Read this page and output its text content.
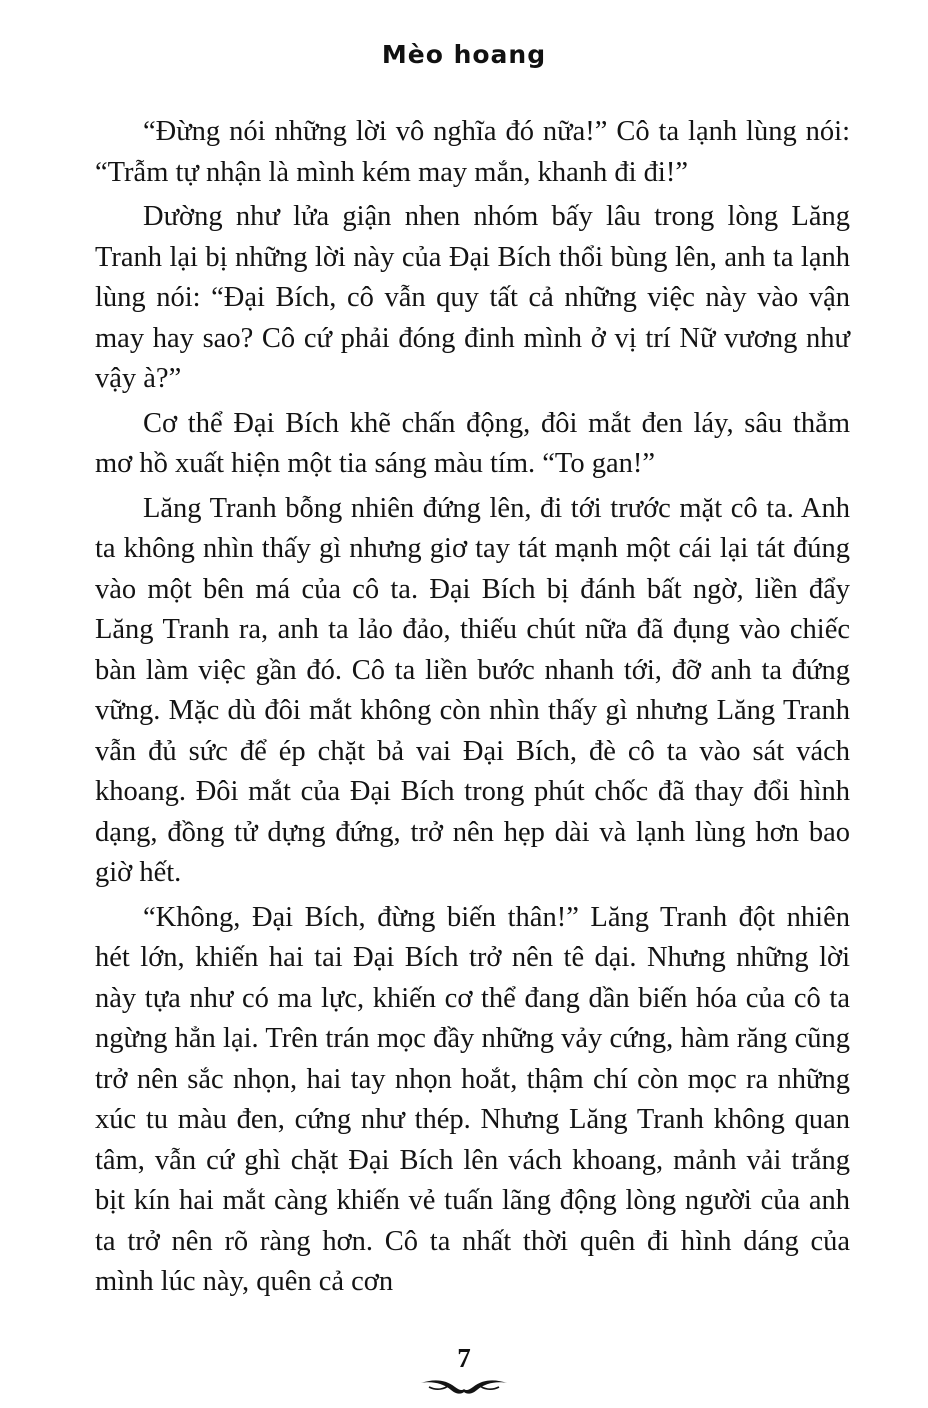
Mèo hoang

“Đừng nói những lời vô nghĩa đó nữa!” Cô ta lạnh lùng nói: “Trẫm tự nhận là mình kém may mắn, khanh đi đi!”

Dường như lửa giận nhen nhóm bấy lâu trong lòng Lăng Tranh lại bị những lời này của Đại Bích thổi bùng lên, anh ta lạnh lùng nói: “Đại Bích, cô vẫn quy tất cả những việc này vào vận may hay sao? Cô cứ phải đóng đinh mình ở vị trí Nữ vương như vậy à?”

Cơ thể Đại Bích khẽ chấn động, đôi mắt đen láy, sâu thẳm mơ hồ xuất hiện một tia sáng màu tím. “To gan!”

Lăng Tranh bỗng nhiên đứng lên, đi tới trước mặt cô ta. Anh ta không nhìn thấy gì nhưng giơ tay tát mạnh một cái lại tát đúng vào một bên má của cô ta. Đại Bích bị đánh bất ngờ, liền đẩy Lăng Tranh ra, anh ta lảo đảo, thiếu chút nữa đã đụng vào chiếc bàn làm việc gần đó. Cô ta liền bước nhanh tới, đỡ anh ta đứng vững. Mặc dù đôi mắt không còn nhìn thấy gì nhưng Lăng Tranh vẫn đủ sức để ép chặt bả vai Đại Bích, đè cô ta vào sát vách khoang. Đôi mắt của Đại Bích trong phút chốc đã thay đổi hình dạng, đồng tử dựng đứng, trở nên hẹp dài và lạnh lùng hơn bao giờ hết.

“Không, Đại Bích, đừng biến thân!” Lăng Tranh đột nhiên hét lớn, khiến hai tai Đại Bích trở nên tê dại. Nhưng những lời này tựa như có ma lực, khiến cơ thể đang dần biến hóa của cô ta ngừng hẳn lại. Trên trán mọc đầy những vảy cứng, hàm răng cũng trở nên sắc nhọn, hai tay nhọn hoắt, thậm chí còn mọc ra những xúc tu màu đen, cứng như thép. Nhưng Lăng Tranh không quan tâm, vẫn cứ ghì chặt Đại Bích lên vách khoang, mảnh vải trắng bịt kín hai mắt càng khiến vẻ tuấn lãng động lòng người của anh ta trở nên rõ ràng hơn. Cô ta nhất thời quên đi hình dáng của mình lúc này, quên cả cơn

7
